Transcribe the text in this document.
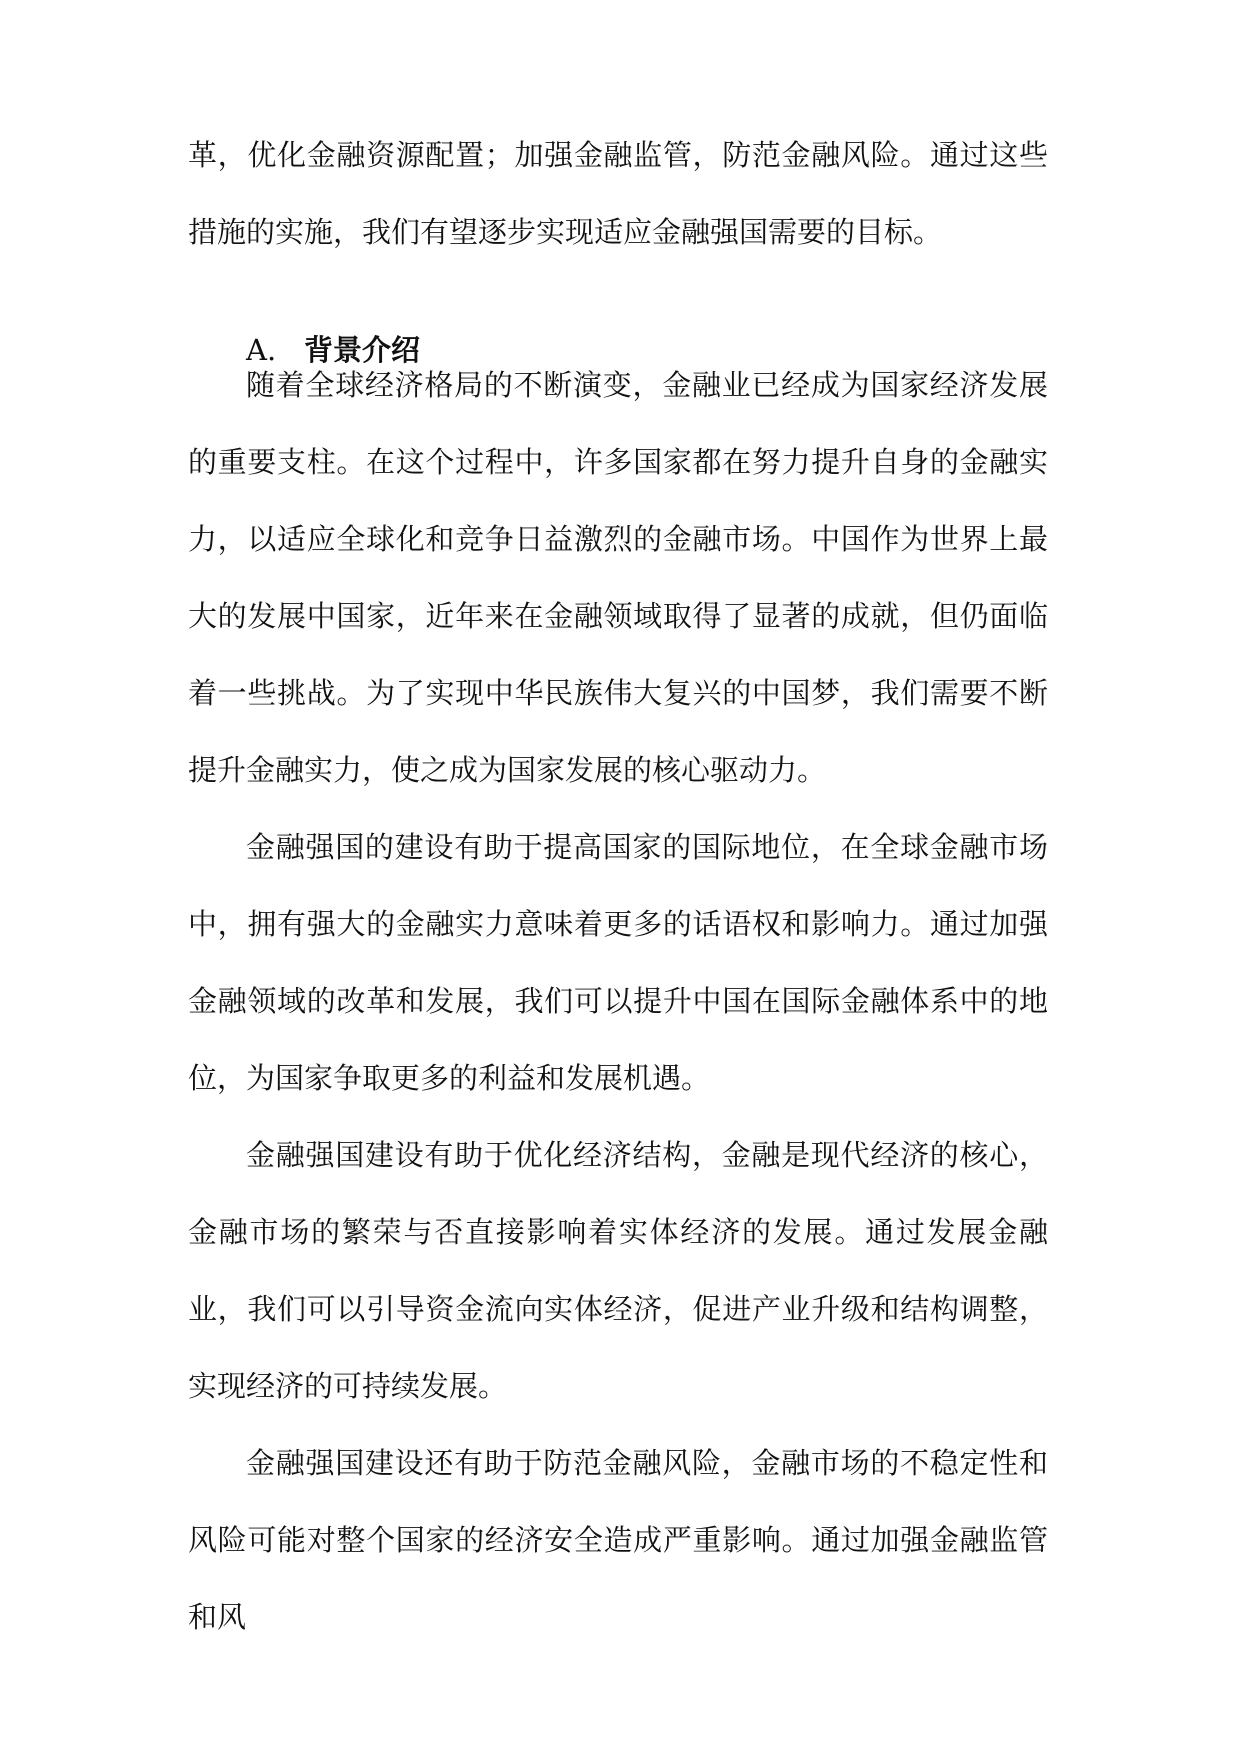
革，优化金融资源配置；加强金融监管，防范金融风险。通过这些措施的实施，我们有望逐步实现适应金融强国需要的目标。

A. 背景介绍

随着全球经济格局的不断演变，金融业已经成为国家经济发展的重要支柱。在这个过程中，许多国家都在努力提升自身的金融实力，以适应全球化和竞争日益激烈的金融市场。中国作为世界上最大的发展中国家，近年来在金融领域取得了显著的成就，但仍面临着一些挑战。为了实现中华民族伟大复兴的中国梦，我们需要不断提升金融实力，使之成为国家发展的核心驱动力。

金融强国的建设有助于提高国家的国际地位，在全球金融市场中，拥有强大的金融实力意味着更多的话语权和影响力。通过加强金融领域的改革和发展，我们可以提升中国在国际金融体系中的地位，为国家争取更多的利益和发展机遇。

金融强国建设有助于优化经济结构，金融是现代经济的核心，金融市场的繁荣与否直接影响着实体经济的发展。通过发展金融业，我们可以引导资金流向实体经济，促进产业升级和结构调整，实现经济的可持续发展。

金融强国建设还有助于防范金融风险，金融市场的不稳定性和风险可能对整个国家的经济安全造成严重影响。通过加强金融监管和风
